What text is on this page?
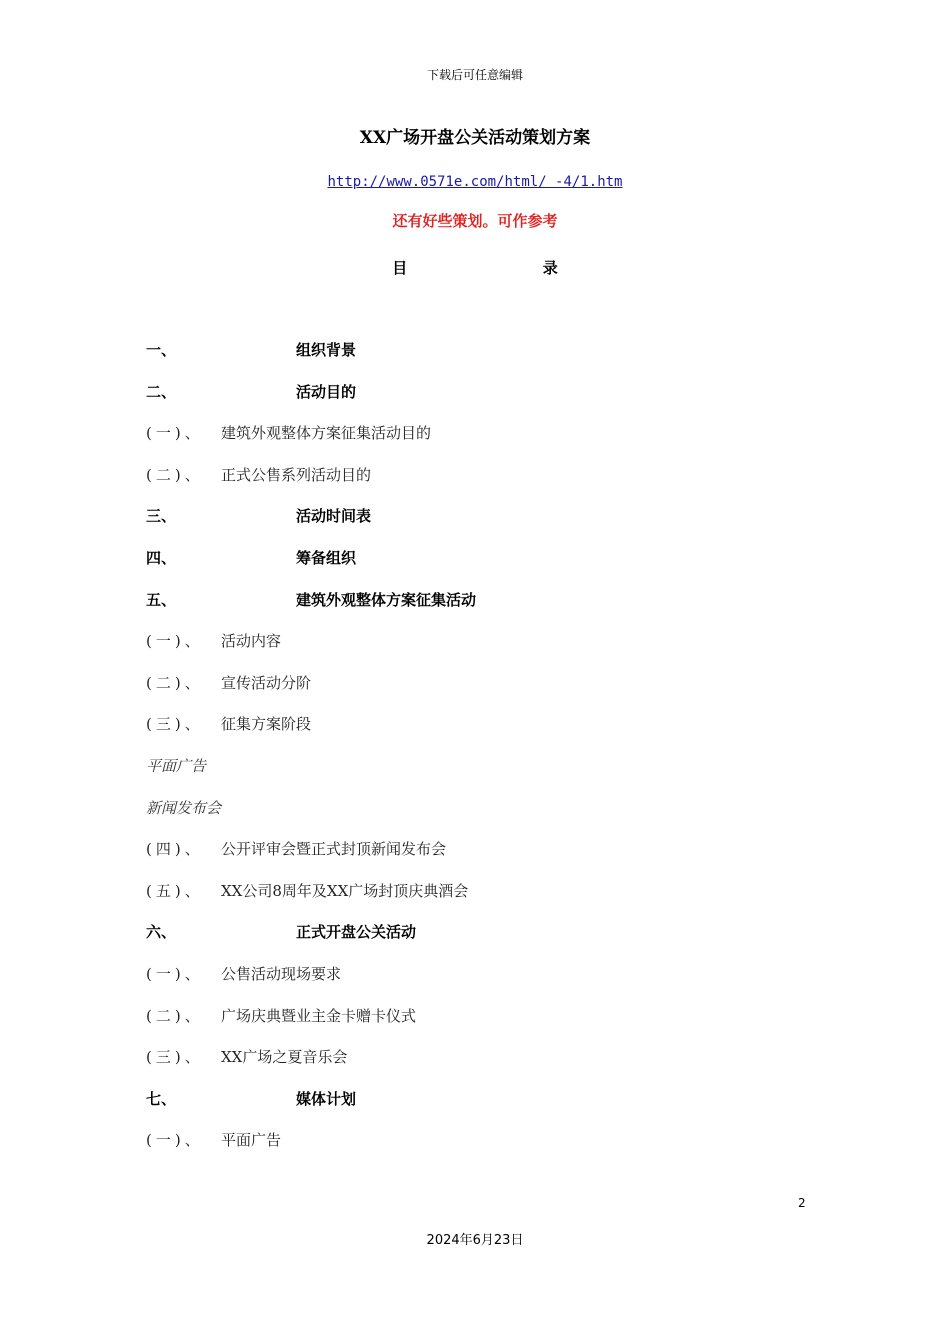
下载后可任意编辑
XX广场开盘公关活动策划方案
http://www.0571e.com/html/ -4/1.htm
还有好些策划。可作参考
目	录
一、	组织背景
二、	活动目的
(一)、 建筑外观整体方案征集活动目的
(二)、 正式公售系列活动目的
三、	活动时间表
四、	筹备组织
五、	建筑外观整体方案征集活动
(一)、 活动内容
(二)、 宣传活动分阶
(三)、 征集方案阶段
平面广告
新闻发布会
(四)、 公开评审会暨正式封顶新闻发布会
(五)、 XX公司8周年及XX广场封顶庆典酒会
六、	正式开盘公关活动
(一)、 公售活动现场要求
(二)、 广场庆典暨业主金卡赠卡仪式
(三)、 XX广场之夏音乐会
七、	媒体计划
(一)、 平面广告
2
2024年6月23日
